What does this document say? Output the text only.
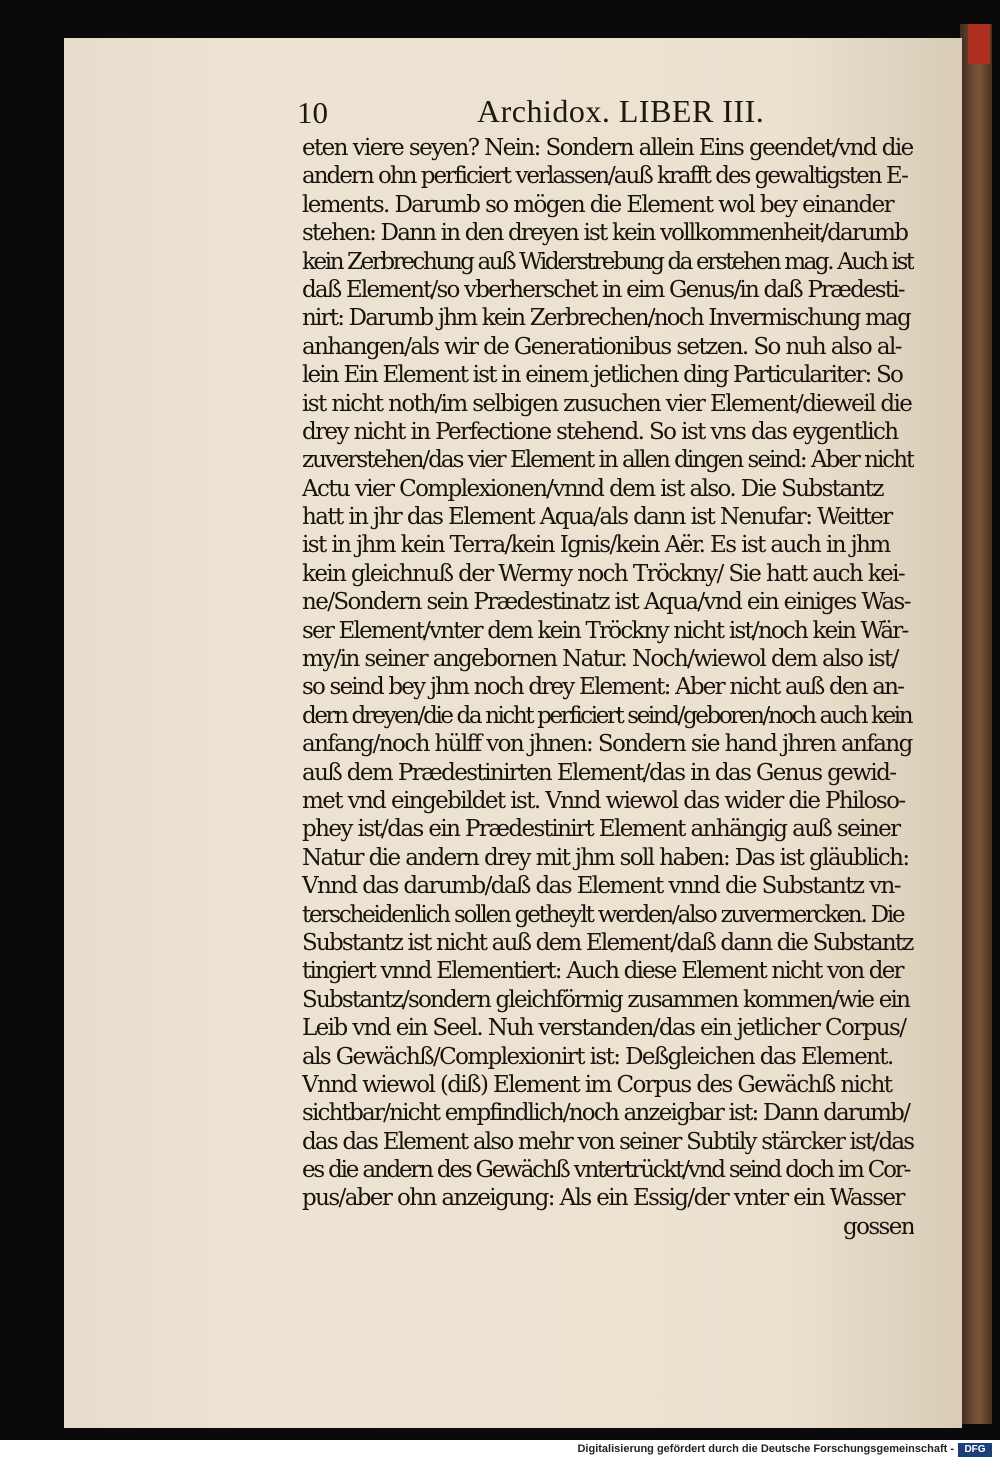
10	Archidox. LIBER III.
eten viere seyen? Nein: Sondern allein Eins geendet/vnd die
andern ohn perficiert verlassen/auß krafft des gewaltigsten E-
lements. Darumb so mögen die Element wol bey einander
stehen: Dann in den dreyen ist kein vollkommenheit/darumb
kein Zerbrechung auß Widerstrebung da erstehen mag. Auch ist
daß Element/so vberherschet in eim Genus/in daß Prædesti-
nirt: Darumb jhm kein Zerbrechen/noch Invermischung mag
anhangen/als wir de Generationibus setzen. So nuh also al-
lein Ein Element ist in einem jetlichen ding Particulariter: So
ist nicht noth/im selbigen zusuchen vier Element/dieweil die
drey nicht in Perfectione stehend. So ist vns das eygentlich
zuverstehen/das vier Element in allen dingen seind: Aber nicht
Actu vier Complexionen/vnnd dem ist also. Die Substantz
hatt in jhr das Element Aqua/als dann ist Nenufar: Weitter
ist in jhm kein Terra/kein Ignis/kein Aër. Es ist auch in jhm
kein gleichnuß der Wermy noch Tröckny/ Sie hatt auch kei-
ne/Sondern sein Prædestinatz ist Aqua/vnd ein einiges Was-
ser Element/vnter dem kein Tröckny nicht ist/noch kein Wär-
my/in seiner angebornen Natur. Noch/wiewol dem also ist/
so seind bey jhm noch drey Element: Aber nicht auß den an-
dern dreyen/die da nicht perficiert seind/geboren/noch auch kein
anfang/noch hülff von jhnen: Sondern sie hand jhren anfang
auß dem Prædestinirten Element/das in das Genus gewid-
met vnd eingebildet ist. Vnnd wiewol das wider die Philoso-
phey ist/das ein Prædestinirt Element anhängig auß seiner
Natur die andern drey mit jhm soll haben: Das ist gläublich:
Vnnd das darumb/daß das Element vnnd die Substantz vn-
terscheidenlich sollen getheylt werden/also zuvermercken. Die
Substantz ist nicht auß dem Element/daß dann die Substantz
tingiert vnnd Elementiert: Auch diese Element nicht von der
Substantz/sondern gleichförmig zusammen kommen/wie ein
Leib vnd ein Seel. Nuh verstanden/das ein jetlicher Corpus/
als Gewächß/Complexionirt ist: Deßgleichen das Element.
Vnnd wiewol (diß) Element im Corpus des Gewächß nicht
sichtbar/nicht empfindlich/noch anzeigbar ist: Dann darumb/
das das Element also mehr von seiner Subtily stärcker ist/das
es die andern des Gewächß vntertrückt/vnd seind doch im Cor-
pus/aber ohn anzeigung: Als ein Essig/der vnter ein Wasser
gossen
Digitalisierung gefördert durch die Deutsche Forschungsgemeinschaft -	DFG
